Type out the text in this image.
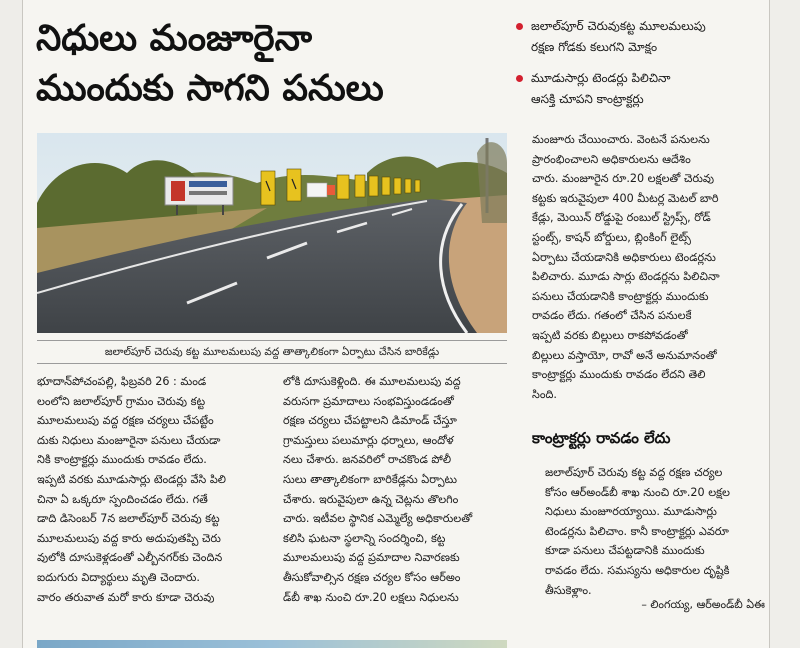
నిధులు మంజూరైనా
ముందుకు సాగని పనులు
జలాల్‌పూర్ చెరువు కట్ట మూలమలుపు వద్ద తాత్కాలికంగా ఏర్పాటు చేసిన బారికేడ్లు

భూదాన్‌పోచంపల్లి, ఫిబ్రవరి 26 : మండ

లంలోని జలాల్‌పూర్ గ్రామం చెరువు కట్ట

మూలమలుపు వద్ద రక్షణ చర్యలు చేపట్టేం

దుకు నిధులు మంజూరైనా పనులు చేయడా

నికి కాంట్రాక్టర్లు ముందుకు రావడం లేదు.

ఇప్పటి వరకు మూడుసార్లు టెండర్లు వేసి పిలి

చినా ఏ ఒక్కరూ స్పందించడం లేదు. గతే

డాది డిసెంబర్ 7న జలాల్‌పూర్ చెరువు కట్ట

మూలమలుపు వద్ద కారు అదుపుతప్పి చెరు

వులోకి దూసుకెళ్లడంతో ఎల్బీనగర్‌కు చెందిన

ఐదుగురు విద్యార్థులు మృతి చెందారు.

వారం తరువాత మరో కారు కూడా చెరువు

లోకి దూసుకెళ్లింది. ఈ మూలమలుపు వద్ద

వరుసగా ప్రమాదాలు సంభవిస్తుండడంతో

రక్షణ చర్యలు చేపట్టాలని డిమాండ్ చేస్తూ

గ్రామస్తులు పలుమార్లు ధర్నాలు, ఆందోళ

నలు చేశారు. జనవరిలో రాచకొండ పోలీ

సులు తాత్కాలికంగా బారికేడ్లను ఏర్పాటు

చేశారు. ఇరువైపులా ఉన్న చెట్లను తొలగిం

చారు. ఇటీవల స్థానిక ఎమ్మెల్యే అధికారులతో

కలిసి ఘటనా స్థలాన్ని సందర్శించి, కట్ట

మూలమలుపు వద్ద ప్రమాదాల నివారణకు

తీసుకోవాల్సిన రక్షణ చర్యల కోసం ఆర్‌అం

డ్‌బీ శాఖ నుంచి రూ.20 లక్షలు నిధులను

జలాల్‌పూర్ చెరువుకట్ట మూలమలుపు
రక్షణ గోడకు కలుగని మోక్షం
మూడుసార్లు టెండర్లు పిలిచినా
ఆసక్తి చూపని కాంట్రాక్టర్లు

మంజూరు చేయించారు. వెంటనే పనులను

ప్రారంభించాలని అధికారులను ఆదేశిం

చారు. మంజూరైన రూ.20 లక్షలతో చెరువు

కట్టకు ఇరువైపులా 400 మీటర్ల మెటల్ బారి

కేడ్లు, మెయిన్ రోడ్డుపై రంబుల్ స్ట్రిప్స్, రోడ్

స్టంట్స్, కాషన్ బోర్డులు, బ్లింకింగ్ లైట్స్

ఏర్పాటు చేయడానికి అధికారులు టెండర్లను

పిలిచారు. మూడు సార్లు టెండర్లను పిలిచినా

పనులు చేయడానికి కాంట్రాక్టర్లు ముందుకు

రావడం లేదు. గతంలో చేసిన పనులకే

ఇప్పటి వరకు బిల్లులు రాకపోవడంతో

బిల్లులు వస్తాయో, రావో అనే అనుమానంతో

కాంట్రాక్టర్లు ముందుకు రావడం లేదని తెలి

సింది.

కాంట్రాక్టర్లు రావడం లేదు

జలాల్‌పూర్ చెరువు కట్ట వద్ద రక్షణ చర్యల

కోసం ఆర్‌అండ్‌బీ శాఖ నుంచి రూ.20 లక్షల

నిధులు మంజూరయ్యాయి. మూడుసార్లు

టెండర్లను పిలిచాం. కానీ కాంట్రాక్టర్లు ఎవరూ

కూడా పనులు చేపట్టడానికి ముందుకు

రావడం లేదు. సమస్యను అధికారుల దృష్టికి

తీసుకెళ్లాం.

– లింగయ్య, ఆర్‌అండ్‌బీ ఏఈ
